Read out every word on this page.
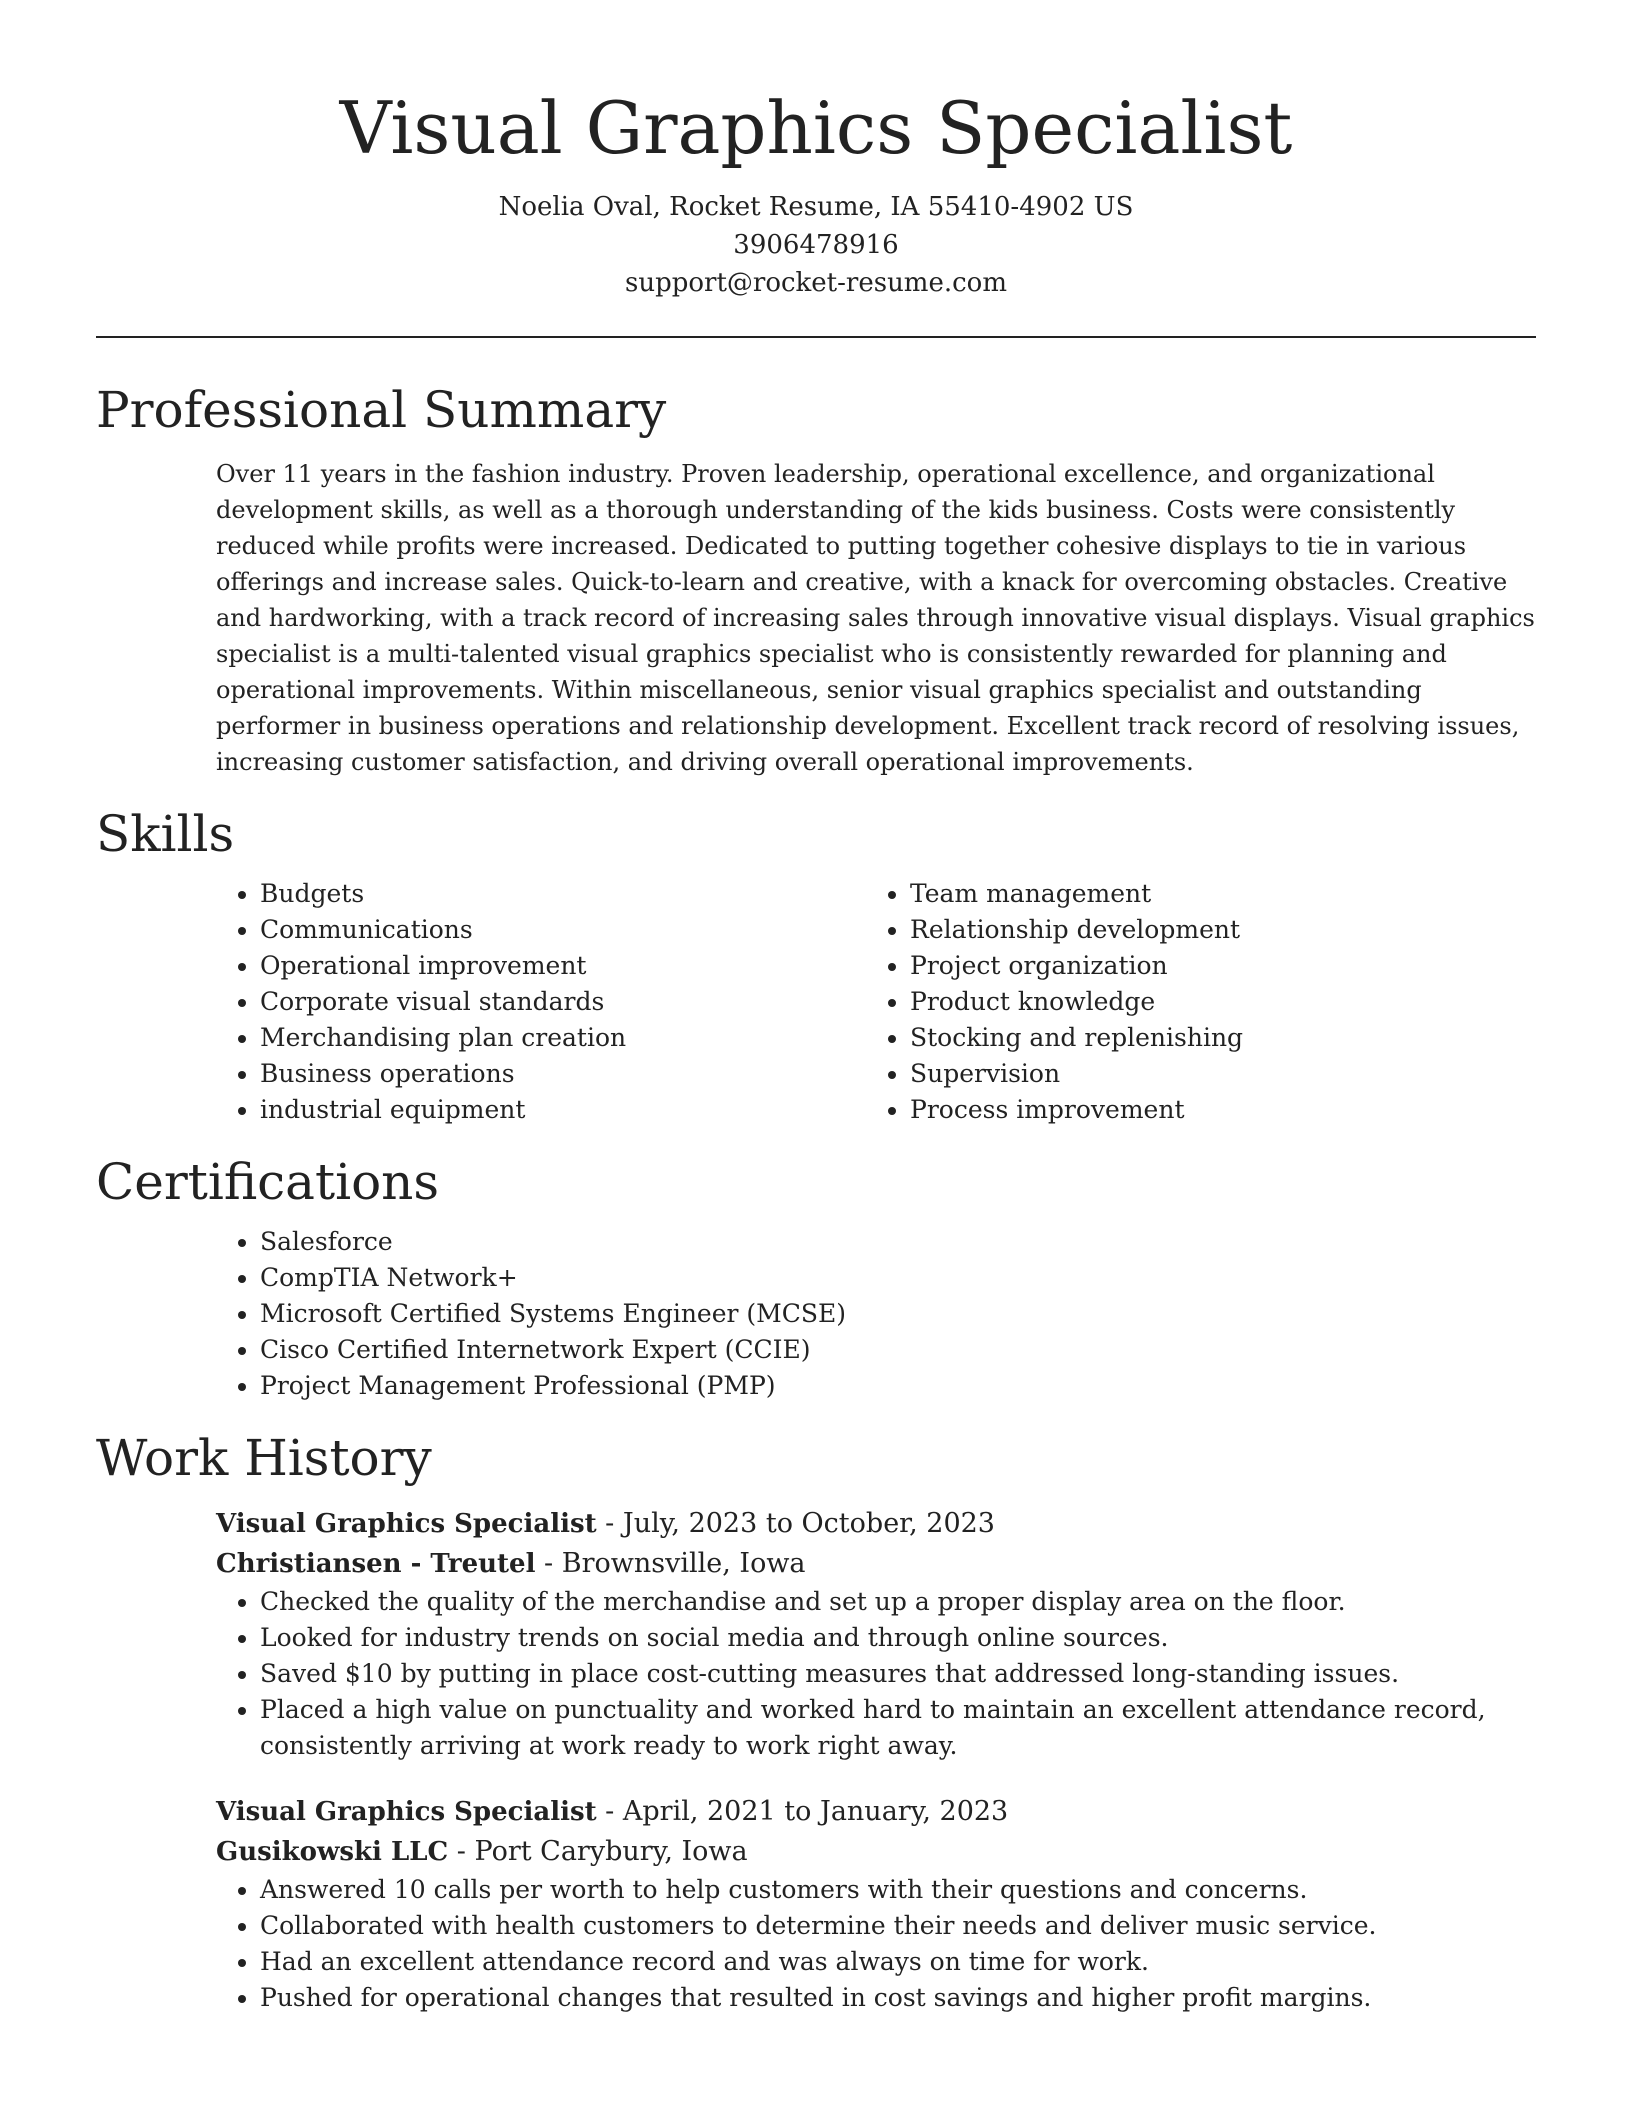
Visual Graphics Specialist
Noelia Oval, Rocket Resume, IA 55410-4902 US
3906478916
support@rocket-resume.com
Professional Summary

Over 11 years in the fashion industry. Proven leadership, operational excellence, and organizational development skills, as well as a thorough understanding of the kids business. Costs were consistently reduced while profits were increased. Dedicated to putting together cohesive displays to tie in various offerings and increase sales. Quick-to-learn and creative, with a knack for overcoming obstacles. Creative and hardworking, with a track record of increasing sales through innovative visual displays. Visual graphics specialist is a multi-talented visual graphics specialist who is consistently rewarded for planning and operational improvements. Within miscellaneous, senior visual graphics specialist and outstanding performer in business operations and relationship development. Excellent track record of resolving issues, increasing customer satisfaction, and driving overall operational improvements.

Skills
• Budgets
• Communications
• Operational improvement
• Corporate visual standards
• Merchandising plan creation
• Business operations
• industrial equipment
• Team management
• Relationship development
• Project organization
• Product knowledge
• Stocking and replenishing
• Supervision
• Process improvement
Certifications
• Salesforce
• CompTIA Network+
• Microsoft Certified Systems Engineer (MCSE)
• Cisco Certified Internetwork Expert (CCIE)
• Project Management Professional (PMP)
Work History
Visual Graphics Specialist - July, 2023 to October, 2023
Christiansen - Treutel - Brownsville, Iowa
• Checked the quality of the merchandise and set up a proper display area on the floor.
• Looked for industry trends on social media and through online sources.
• Saved $10 by putting in place cost-cutting measures that addressed long-standing issues.
• Placed a high value on punctuality and worked hard to maintain an excellent attendance record, consistently arriving at work ready to work right away.
Visual Graphics Specialist - April, 2021 to January, 2023
Gusikowski LLC - Port Carybury, Iowa
• Answered 10 calls per worth to help customers with their questions and concerns.
• Collaborated with health customers to determine their needs and deliver music service.
• Had an excellent attendance record and was always on time for work.
• Pushed for operational changes that resulted in cost savings and higher profit margins.
